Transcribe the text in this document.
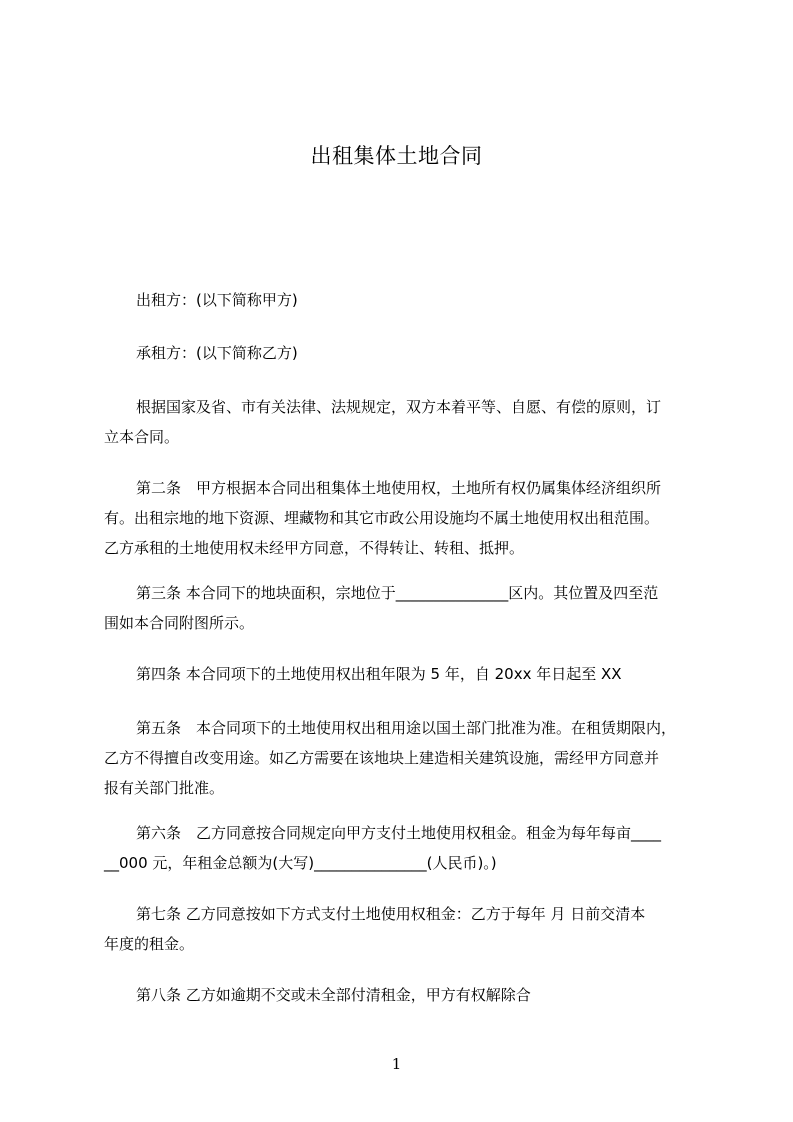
出租集体土地合同
出租方：(以下简称甲方)
承租方：(以下简称乙方)
根据国家及省、市有关法律、法规规定，双方本着平等、自愿、有偿的原则，订
立本合同。
第二条　甲方根据本合同出租集体土地使用权，土地所有权仍属集体经济组织所
有。出租宗地的地下资源、埋藏物和其它市政公用设施均不属土地使用权出租范围。
乙方承租的土地使用权未经甲方同意，不得转让、转租、抵押。
第三条 本合同下的地块面积，宗地位于_______________区内。其位置及四至范
围如本合同附图所示。
第四条 本合同项下的土地使用权出租年限为 5 年，自 20xx 年日起至 XX
第五条　本合同项下的土地使用权出租用途以国土部门批准为准。在租赁期限内，
乙方不得擅自改变用途。如乙方需要在该地块上建造相关建筑设施，需经甲方同意并
报有关部门批准。
第六条　乙方同意按合同规定向甲方支付土地使用权租金。租金为每年每亩____
__000 元，年租金总额为(大写)_______________(人民币)。)
第七条 乙方同意按如下方式支付土地使用权租金：乙方于每年 月 日前交清本
年度的租金。
第八条 乙方如逾期不交或未全部付清租金，甲方有权解除合
1
